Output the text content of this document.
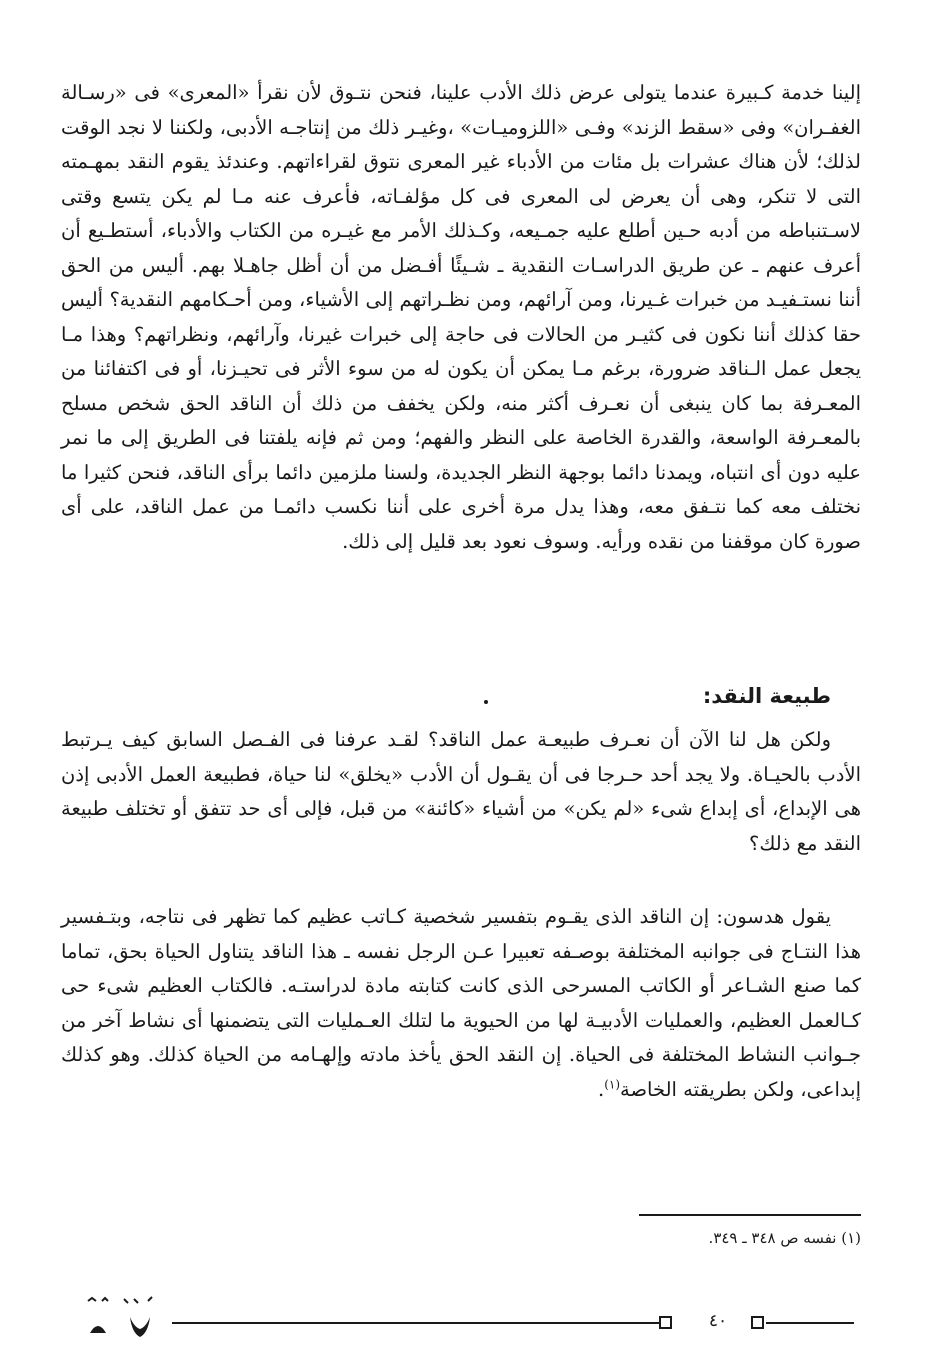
إلينا خدمة كـبيرة عندما يتولى عرض ذلك الأدب علينا، فنحن نتـوق لأن نقرأ «المعرى» فى «رسـالة الغفـران» وفى «سقط الزند» وفـى «اللزوميـات» ،وغيـر ذلك من إنتاجـه الأدبى، ولكننا لا نجد الوقت لذلك؛ لأن هناك عشرات بل مئات من الأدباء غير المعرى نتوق لقراءاتهم. وعندئذ يقوم النقد بمهـمته التى لا تنكر، وهى أن يعرض لى المعرى فى كل مؤلفـاته، فأعرف عنه مـا لم يكن يتسع وقتى لاسـتنباطه من أدبه حـين أطلع عليه جمـيعه، وكـذلك الأمر مع غيـره من الكتاب والأدباء، أستطـيع أن أعرف عنهم ـ عن طريق الدراسـات النقدية ـ شـيئًا أفـضل من أن أظل جاهـلا بهم. أليس من الحق أننا نستـفيـد من خبرات غـيرنا، ومن آرائهم، ومن نظـراتهم إلى الأشياء، ومن أحـكامهم النقدية؟ أليس حقا كذلك أننا نكون فى كثيـر من الحالات فى حاجة إلى خبرات غيرنا، وآرائهم، ونظراتهم؟ وهذا مـا يجعل عمل الـناقد ضرورة، برغم مـا يمكن أن يكون له من سوء الأثر فى تحيـزنا، أو فى اكتفائنا من المعـرفة بما كان ينبغى أن نعـرف أكثر منه، ولكن يخفف من ذلك أن الناقد الحق شخص مسلح بالمعـرفة الواسعة، والقدرة الخاصة على النظر والفهم؛ ومن ثم فإنه يلفتنا فى الطريق إلى ما نمر عليه دون أى انتباه، ويمدنا دائما بوجهة النظر الجديدة، ولسنا ملزمين دائما برأى الناقد، فنحن كثيرا ما نختلف معه كما نتـفق معه، وهذا يدل مرة أخرى على أننا نكسب دائمـا من عمل الناقد، على أى صورة كان موقفنا من نقده ورأيه. وسوف نعود بعد قليل إلى ذلك.

طبيعة النقد:

ولكن هل لنا الآن أن نعـرف طبيعـة عمل الناقد؟ لقـد عرفنا فى الفـصل السابق كيف يـرتبط الأدب بالحيـاة. ولا يجد أحد حـرجا فى أن يقـول أن الأدب «يخلق» لنا حياة، فطبيعة العمل الأدبى إذن هى الإبداع، أى إبداع شىء «لم يكن» من أشياء «كائنة» من قبل، فإلى أى حد تتفق أو تختلف طبيعة النقد مع ذلك؟

يقول هدسون: إن الناقد الذى يقـوم بتفسير شخصية كـاتب عظيم كما تظهر فى نتاجه، وبتـفسير هذا النتـاج فى جوانبه المختلفة بوصـفه تعبيرا عـن الرجل نفسه ـ هذا الناقد يتناول الحياة بحق، تماما كما صنع الشـاعر أو الكاتب المسرحى الذى كانت كتابته مادة لدراستـه. فالكتاب العظيم شىء حى كـالعمل العظيم، والعمليات الأدبيـة لها من الحيوية ما لتلك العـمليات التى يتضمنها أى نشاط آخر من جـوانب النشاط المختلفة فى الحياة. إن النقد الحق يأخذ مادته وإلهـامه من الحياة كذلك. وهو كذلك إبداعى، ولكن بطريقته الخاصة$^{(١)}$.

(١) نفسه ص ٣٤٨ ـ ٣٤٩.
٤٠
